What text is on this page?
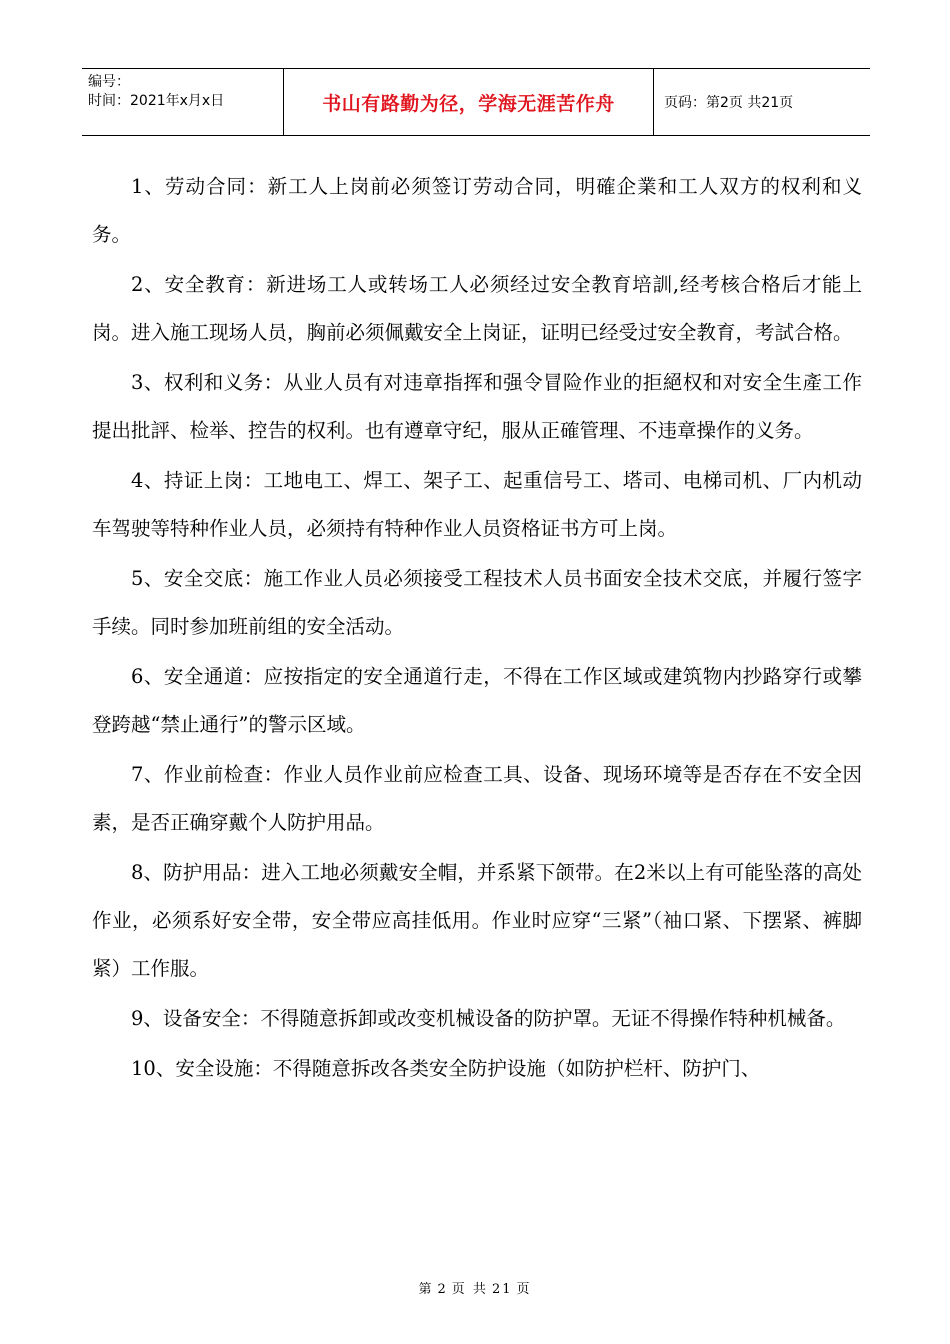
编号：
时间：2021年x月x日	书山有路勤为径，学海无涯苦作舟	页码：第2页 共21页

1、劳动合同：新工人上岗前必须签订劳动合同，明確企業和工人双方的权利和义务。

2、安全教育：新进场工人或转场工人必须经过安全教育培訓,经考核合格后才能上岗。进入施工现场人员，胸前必须佩戴安全上岗证，证明已经受过安全教育，考試合格。

3、权利和义务：从业人员有对违章指挥和强令冒险作业的拒絕权和对安全生產工作提出批評、检举、控告的权利。也有遵章守纪，服从正確管理、不违章操作的义务。

4、持证上岗：工地电工、焊工、架子工、起重信号工、塔司、电梯司机、厂内机动车驾驶等特种作业人员，必须持有特种作业人员资格证书方可上岗。

5、安全交底：施工作业人员必须接受工程技术人员书面安全技术交底，并履行签字手续。同时参加班前组的安全活动。

6、安全通道：应按指定的安全通道行走，不得在工作区域或建筑物内抄路穿行或攀登跨越“禁止通行”的警示区域。

7、作业前检查：作业人员作业前应检查工具、设备、现场环境等是否存在不安全因素，是否正确穿戴个人防护用品。

8、防护用品：进入工地必须戴安全帽，并系紧下颌带。在2米以上有可能坠落的高处作业，必须系好安全带，安全带应高挂低用。作业时应穿“三紧”（袖口紧、下摆紧、裤脚紧）工作服。

9、设备安全：不得随意拆卸或改变机械设备的防护罩。无证不得操作特种机械备。

10、安全设施：不得随意拆改各类安全防护设施（如防护栏杆、防护门、

第 2 页 共 21 页
